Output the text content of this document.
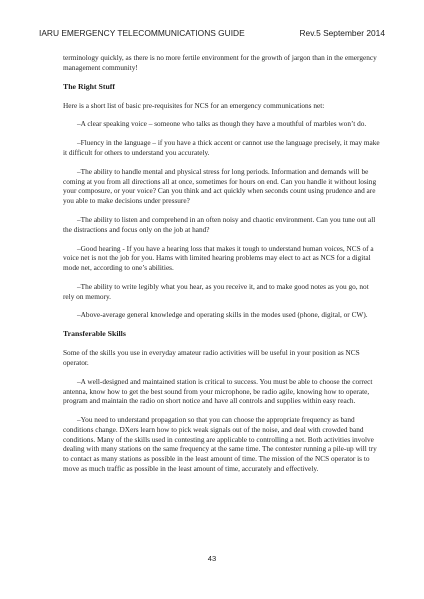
IARU EMERGENCY TELECOMMUNICATIONS GUIDE	Rev.5 September 2014

terminology quickly, as there is no more fertile environment for the growth of jargon than in the emergency management community!

The Right Stuff

Here is a short list of basic pre-requisites for NCS for an emergency communications net:

–A clear speaking voice – someone who talks as though they have a mouthful of marbles won’t do.

–Fluency in the language – if you have a thick accent or cannot use the language precisely, it may make it difficult for others to understand you accurately.

–The ability to handle mental and physical stress for long periods. Information and demands will be coming at you from all directions all at once, sometimes for hours on end. Can you handle it without losing your composure, or your voice? Can you think and act quickly when seconds count using prudence and are you able to make decisions under pressure?

–The ability to listen and comprehend in an often noisy and chaotic environment. Can you tune out all the distractions and focus only on the job at hand?

–Good hearing - If you have a hearing loss that makes it tough to understand human voices, NCS of a voice net is not the job for you. Hams with limited hearing problems may elect to act as NCS for a digital mode net, according to one’s abilities.

–The ability to write legibly what you hear, as you receive it, and to make good notes as you go, not rely on memory.

–Above-average general knowledge and operating skills in the modes used (phone, digital, or CW).

Transferable Skills

Some of the skills you use in everyday amateur radio activities will be useful in your position as NCS operator.

–A well-designed and maintained station is critical to success. You must be able to choose the correct antenna, know how to get the best sound from your microphone, be radio agile, knowing how to operate, program and maintain the radio on short notice and have all controls and supplies within easy reach.

–You need to understand propagation so that you can choose the appropriate frequency as band conditions change. DXers learn how to pick weak signals out of the noise, and deal with crowded band conditions. Many of the skills used in contesting are applicable to controlling a net. Both activities involve dealing with many stations on the same frequency at the same time. The contester running a pile-up will try to contact as many stations as possible in the least amount of time. The mission of the NCS operator is to move as much traffic as possible in the least amount of time, accurately and effectively.

43
